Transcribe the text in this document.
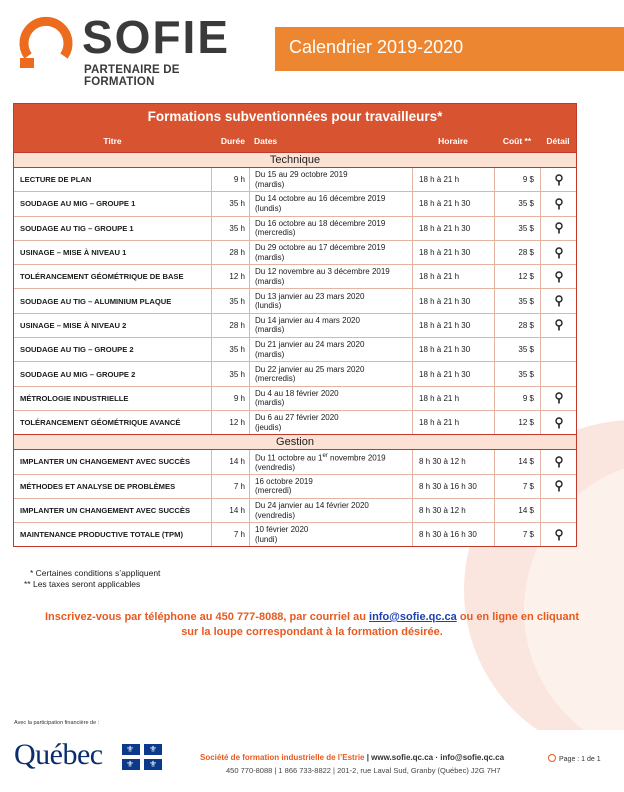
SOFIE
PARTENAIRE DE FORMATION
Calendrier 2019-2020
Formations subventionnées pour travailleurs*
Titre	Durée	Dates	Horaire	Coût **	Détail
Technique
LECTURE DE PLAN	9 h
Du 15 au 29 octobre 2019
(mardis)	18 h à 21 h	9 $
SOUDAGE AU MIG – GROUPE 1	35 h
Du 14 octobre au 16 décembre 2019
(lundis)	18 h à 21 h 30	35 $
SOUDAGE AU TIG – GROUPE 1	35 h
Du 16 octobre au 18 décembre 2019
(mercredis)	18 h à 21 h 30	35 $
USINAGE – MISE À NIVEAU 1	28 h
Du 29 octobre au 17 décembre 2019
(mardis)	18 h à 21 h 30	28 $
TOLÉRANCEMENT GÉOMÉTRIQUE DE BASE	12 h
Du 12 novembre au 3 décembre 2019
(mardis)	18 h à 21 h	12 $
SOUDAGE AU TIG – ALUMINIUM PLAQUE	35 h
Du 13 janvier au 23 mars 2020
(lundis)	18 h à 21 h 30	35 $
USINAGE – MISE À NIVEAU 2	28 h
Du 14 janvier au 4 mars 2020
(mardis)	18 h à 21 h 30	28 $
SOUDAGE AU TIG – GROUPE 2	35 h
Du 21 janvier au 24 mars 2020
(mardis)	18 h à 21 h 30	35 $
SOUDAGE AU MIG – GROUPE 2	35 h
Du 22 janvier au 25 mars 2020
(mercredis)	18 h à 21 h 30	35 $
MÉTROLOGIE INDUSTRIELLE	9 h
Du 4 au 18 février 2020
(mardis)	18 h à 21 h	9 $
TOLÉRANCEMENT GÉOMÉTRIQUE AVANCÉ	12 h
Du 6 au 27 février 2020
(jeudis)	18 h à 21 h	12 $
Gestion
IMPLANTER UN CHANGEMENT AVEC SUCCÈS	14 h	Du 11 octobre au 1er novembre 2019
(vendredis)
8 h 30 à 12 h	14 $
MÉTHODES ET ANALYSE DE PROBLÈMES	7 h
16 octobre 2019
(mercredi)	8 h 30 à 16 h 30	7 $
IMPLANTER UN CHANGEMENT AVEC SUCCÈS	14 h
Du 24 janvier au 14 février 2020
(vendredis)	8 h 30 à 12 h	14 $
MAINTENANCE PRODUCTIVE TOTALE (TPM)	7 h
10 février 2020
(lundi)	8 h 30 à 16 h 30	7 $
* Certaines conditions s’appliquent
** Les taxes seront applicables
Inscrivez-vous par téléphone au 450 777-8088, par courriel au info@sofie.qc.ca ou en ligne en cliquant sur la loupe correspondant à la formation désirée.
Avec la participation financière de :
Québec	⚜ ⚜
⚜ ⚜
Société de formation industrielle de l’Estrie | www.sofie.qc.ca · info@sofie.qc.ca
450 770-8088 | 1 866 733-8822 | 201-2, rue Laval Sud, Granby (Québec) J2G 7H7
Page : 1 de 1
